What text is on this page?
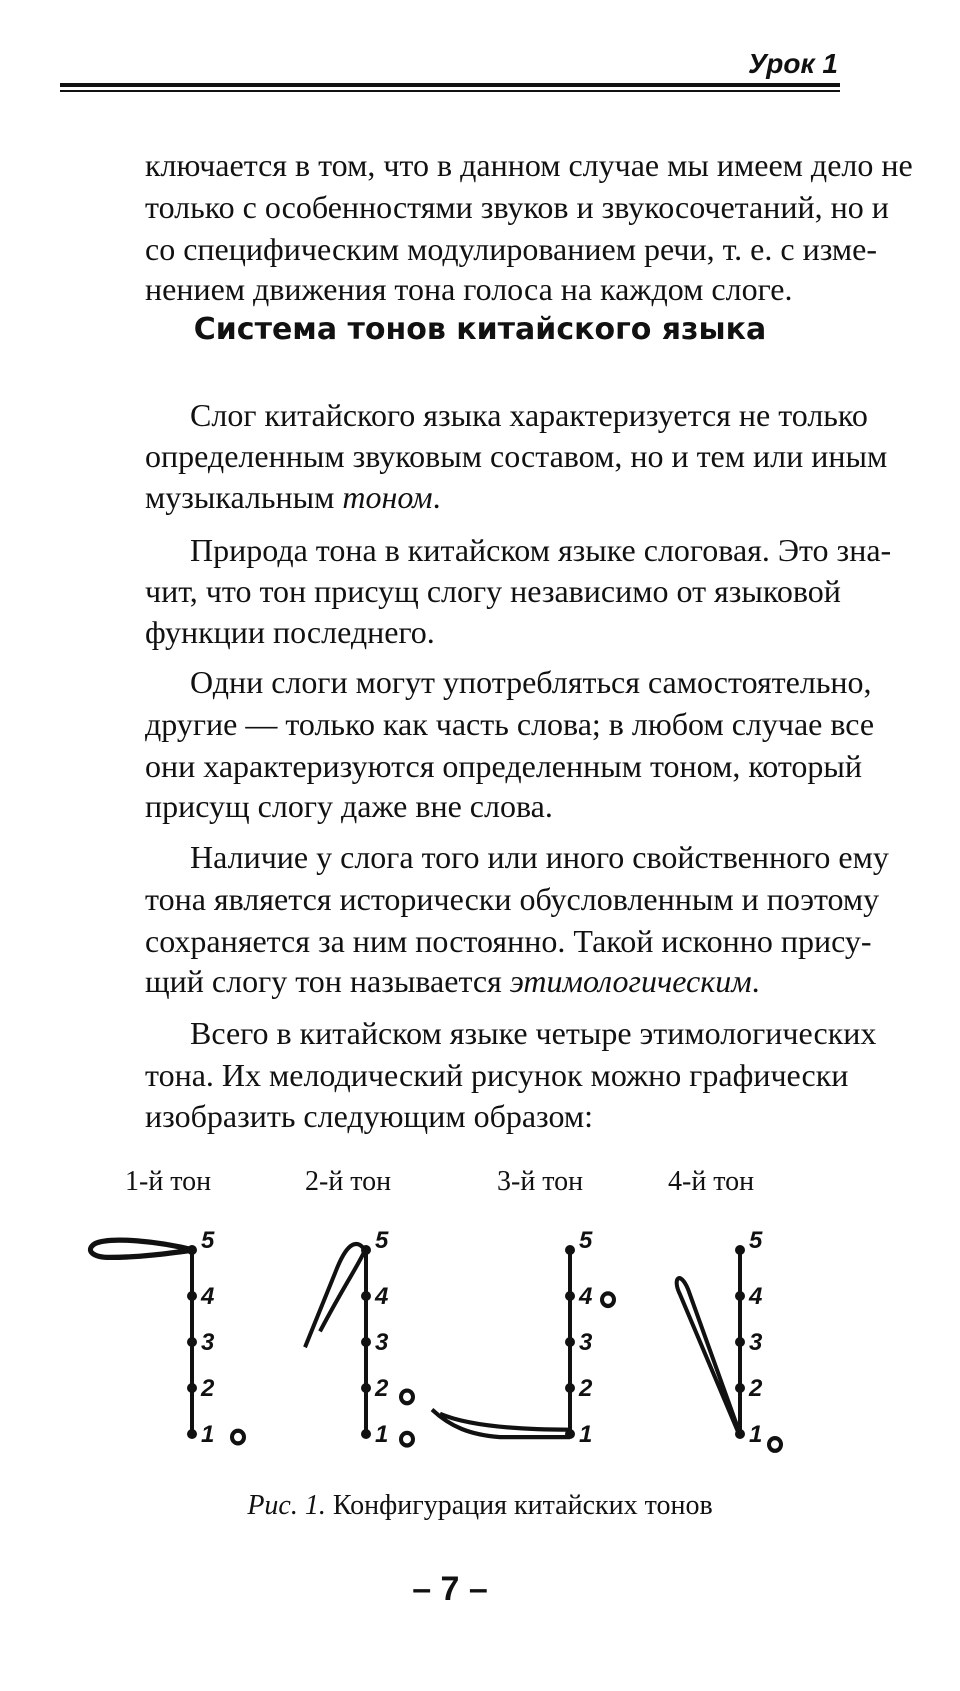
Урок 1
ключается в том, что в данном случае мы имеем дело не
только с особенностями звуков и звукосочетаний, но и
со специфическим модулированием речи, т. е. с изме-
нением движения тона голоса на каждом слоге.
Система тонов китайского языка
Слог китайского языка характеризуется не только
определенным звуковым составом, но и тем или иным
музыкальным тоном.
Природа тона в китайском языке слоговая. Это зна-
чит, что тон присущ слогу независимо от языковой
функции последнего.
Одни слоги могут употребляться самостоятельно,
другие — только как часть слова; в любом случае все
они характеризуются определенным тоном, который
присущ слогу даже вне слова.
Наличие у слога того или иного свойственного ему
тона является исторически обусловленным и поэтому
сохраняется за ним постоянно. Такой исконно прису-
щий слогу тон называется этимологическим.
Всего в китайском языке четыре этимологических
тона. Их мелодический рисунок можно графически
изобразить следующим образом:
1-й тон	2-й тон	3-й тон	4-й тон
5
4
3
2
1
5
4
3
2
1
5
4
3
2
1
5
4
3
2
1
Рис. 1. Конфигурация китайских тонов
– 7 –
